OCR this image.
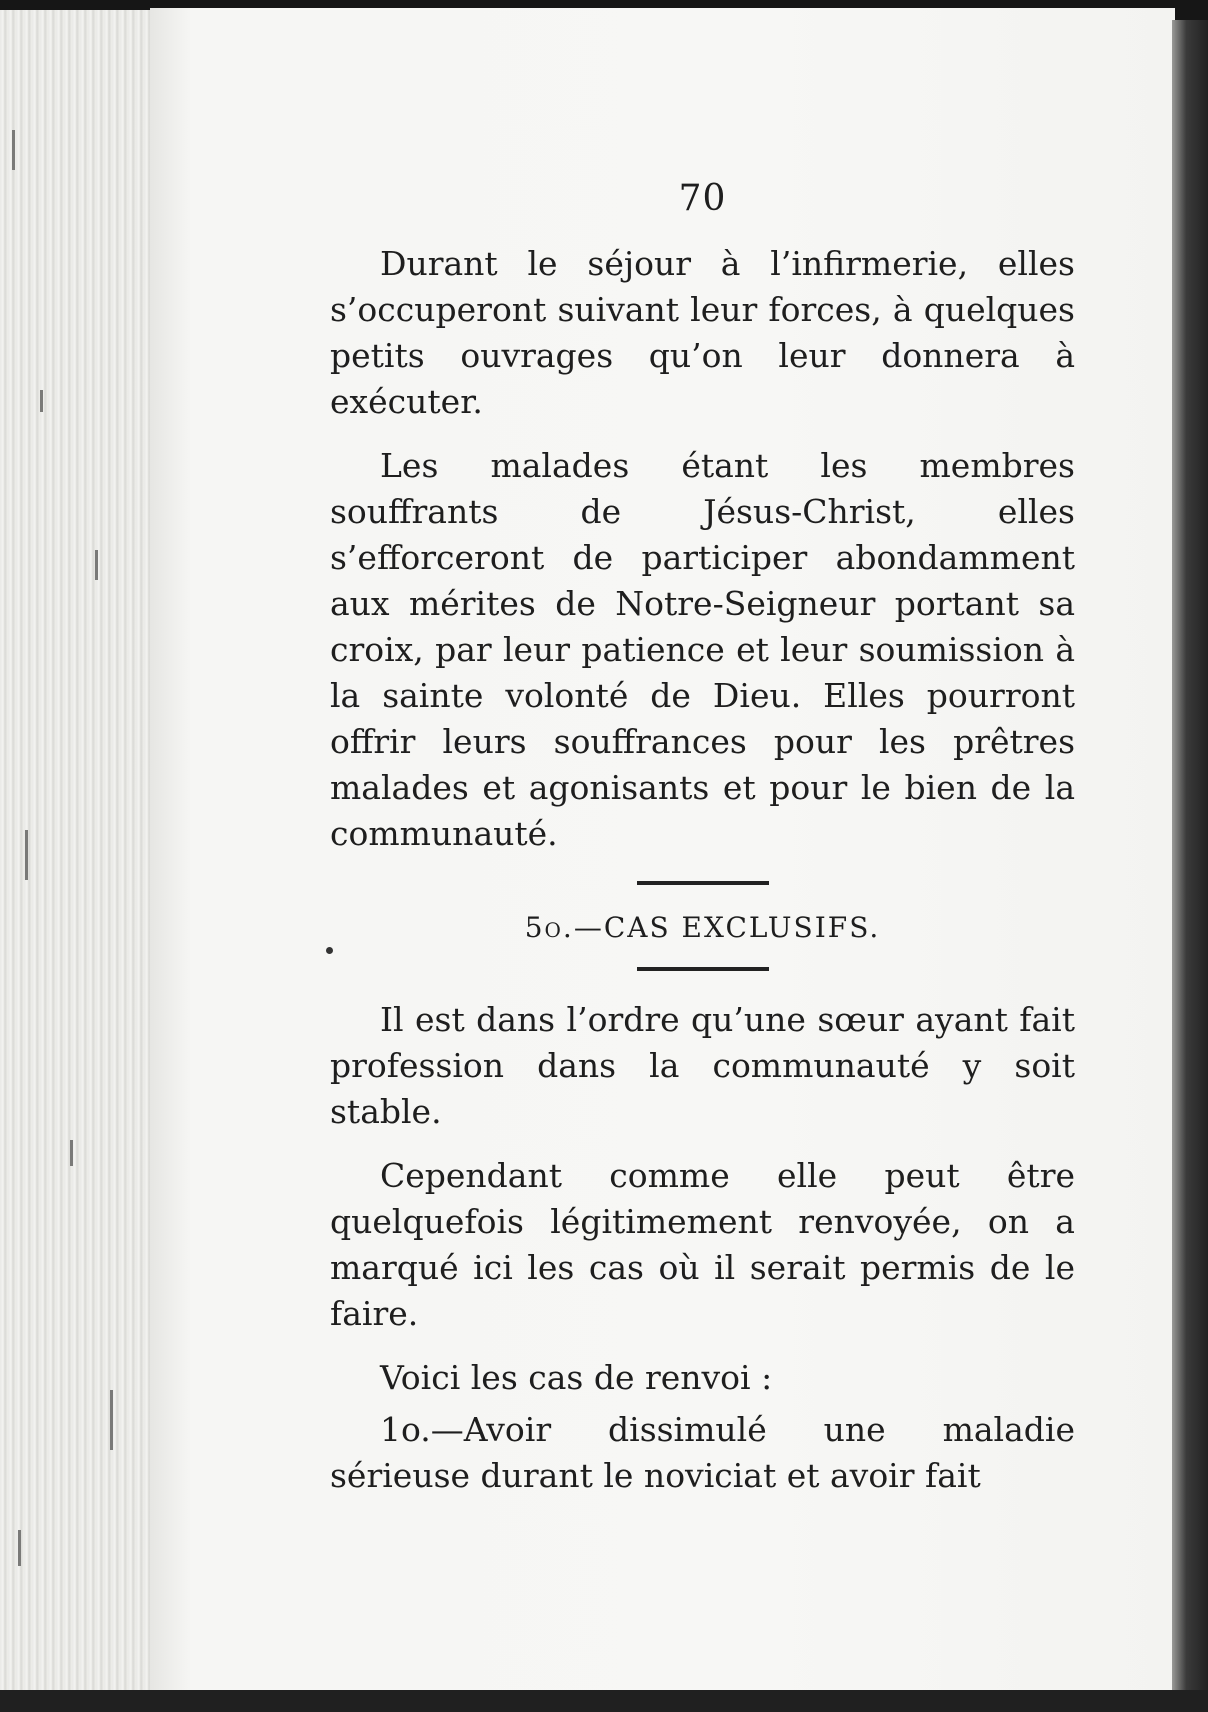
70

Durant le séjour à l’infirmerie, elles s’occuperont suivant leur forces, à quelques petits ouvrages qu’on leur donnera à exécuter.

Les malades étant les membres souffrants de Jésus-Christ, elles s’efforceront de participer abondamment aux mérites de Notre-Seigneur portant sa croix, par leur patience et leur soumission à la sainte volonté de Dieu. Elles pourront offrir leurs souffrances pour les prêtres malades et agonisants et pour le bien de la communauté.

5o.—CAS EXCLUSIFS.

Il est dans l’ordre qu’une sœur ayant fait profession dans la communauté y soit stable.

Cependant comme elle peut être quelquefois légitimement renvoyée, on a marqué ici les cas où il serait permis de le faire.

Voici les cas de renvoi :

1o.—Avoir dissimulé une maladie sérieuse durant le noviciat et avoir fait
